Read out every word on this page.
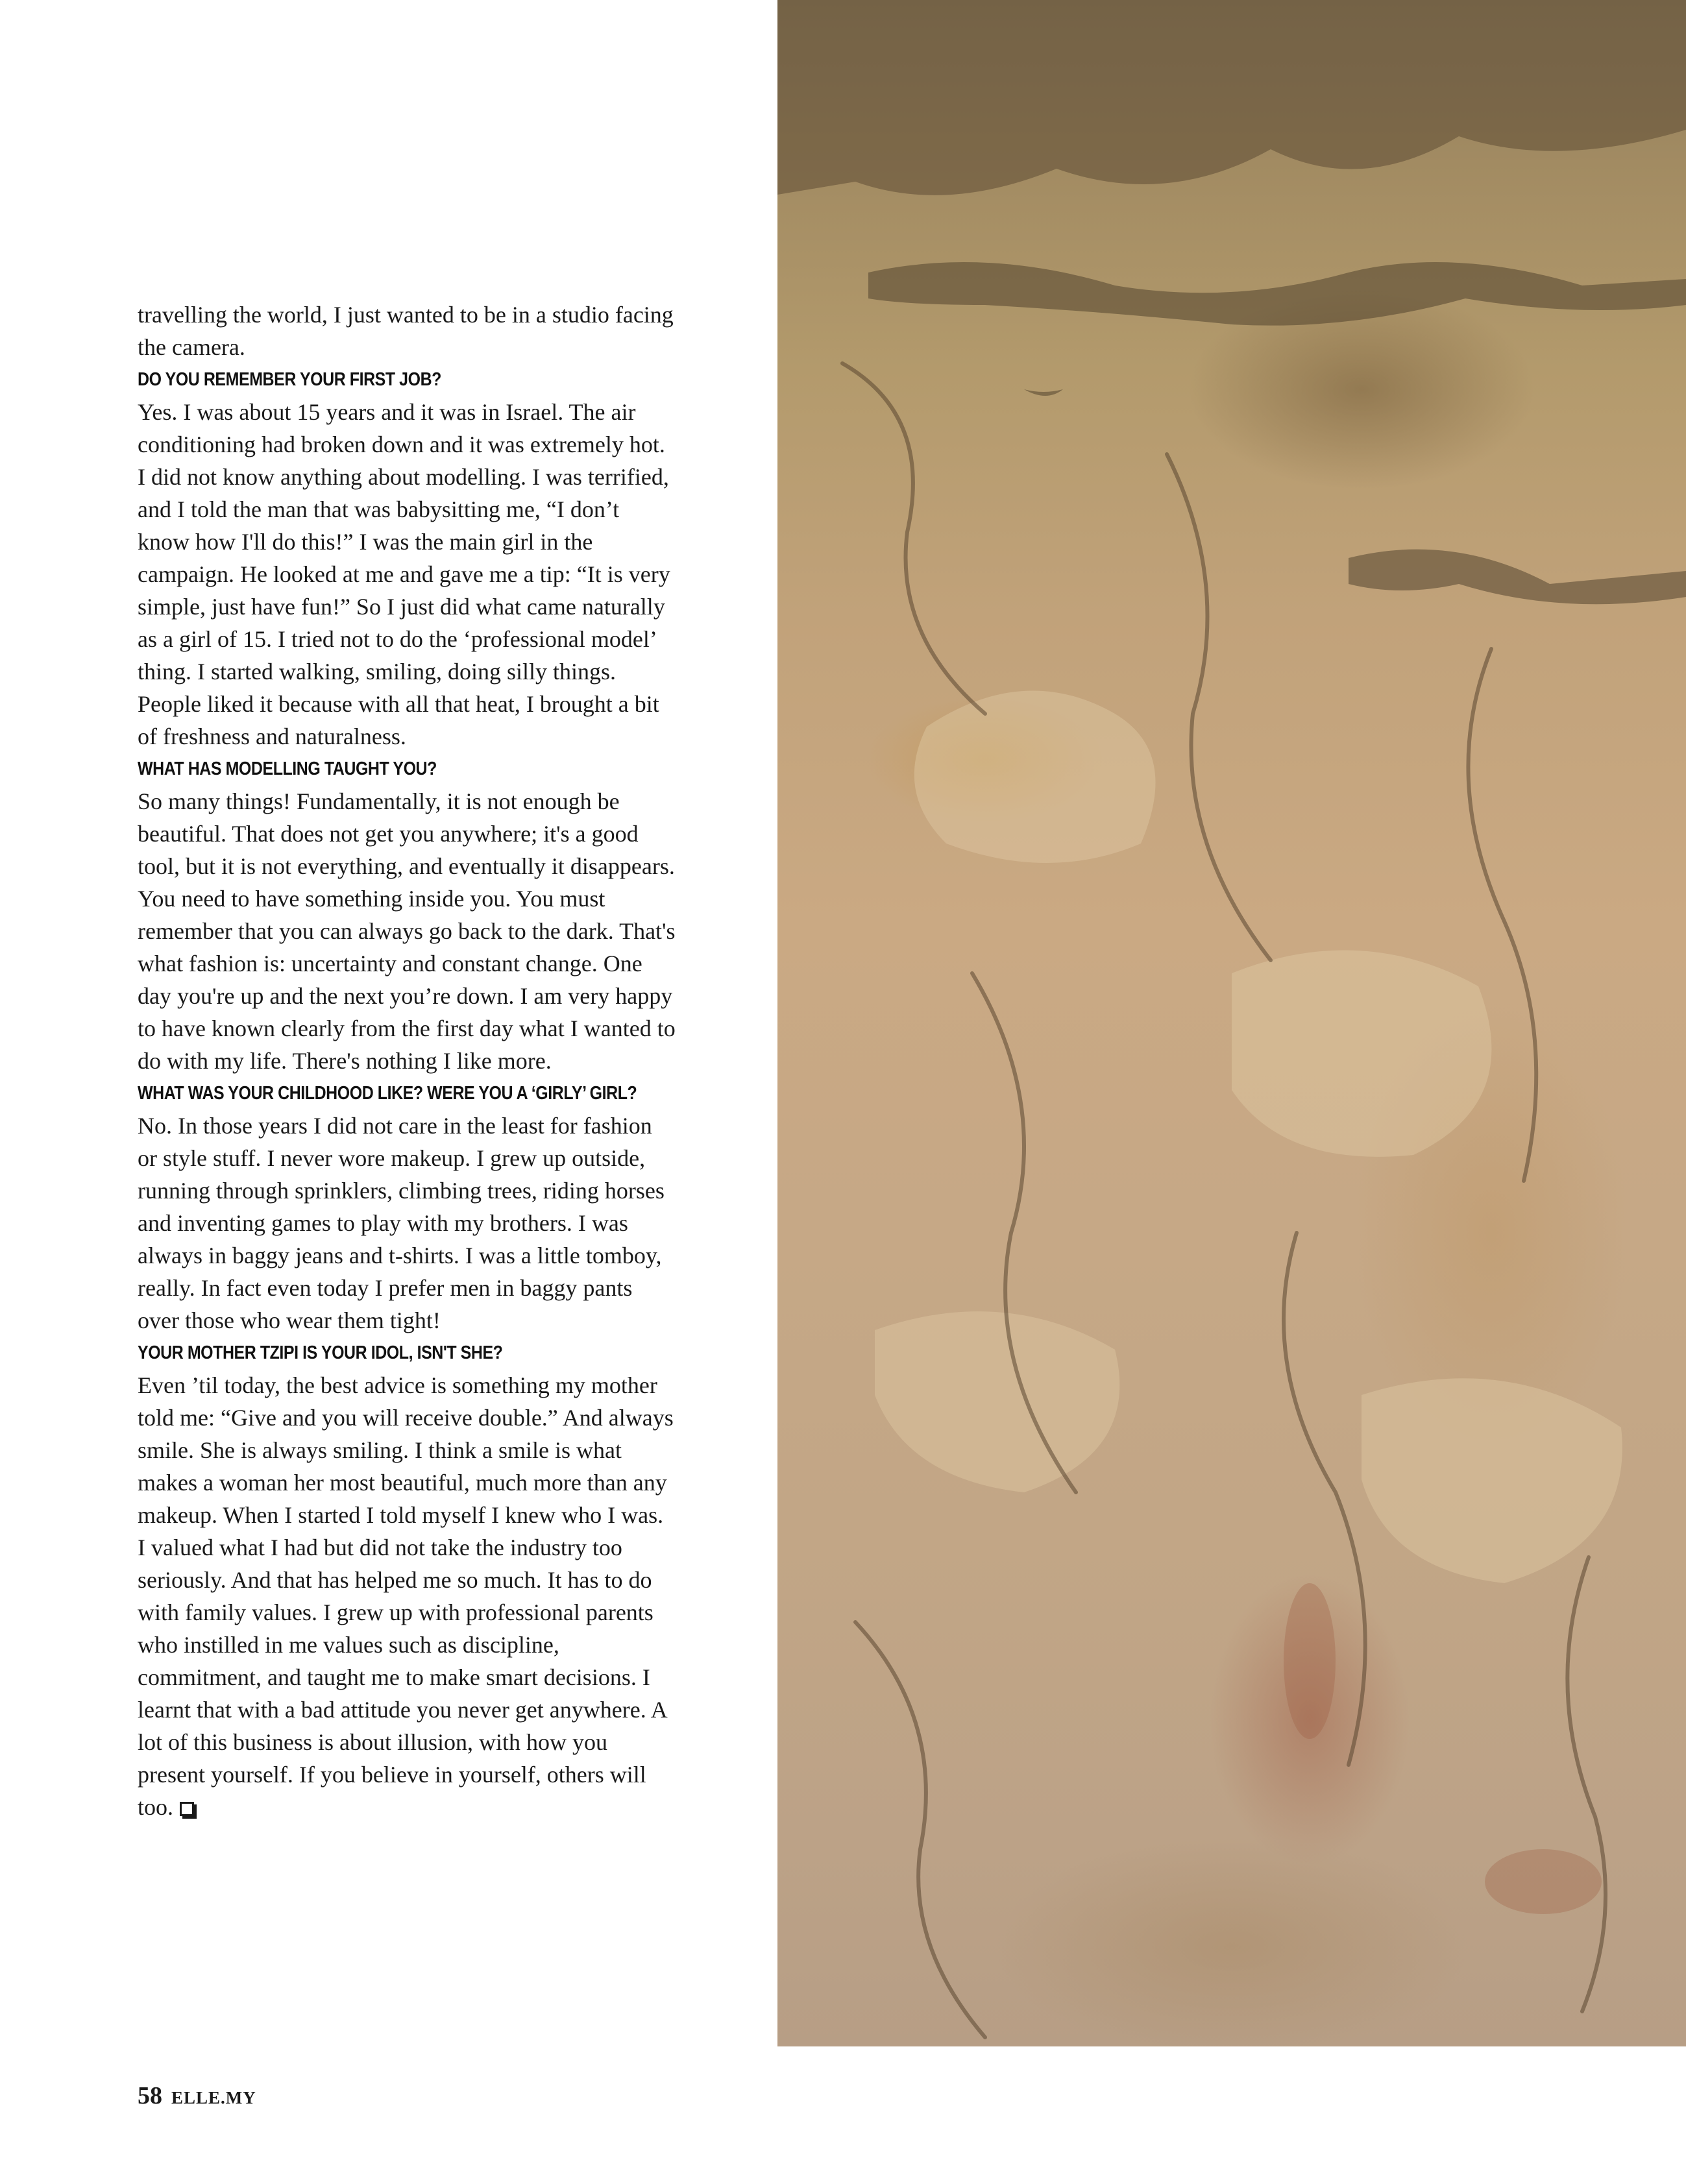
travelling the world, I just wanted to be in a studio facing the camera.

DO YOU REMEMBER YOUR FIRST JOB?

Yes. I was about 15 years and it was in Israel. The air conditioning had broken down and it was extremely hot. I did not know anything about modelling. I was terrified, and I told the man that was babysitting me, “I don’t know how I'll do this!” I was the main girl in the campaign. He looked at me and gave me a tip: “It is very simple, just have fun!” So I just did what came naturally as a girl of 15. I tried not to do the ‘professional model’ thing. I started walking, smiling, doing silly things. People liked it because with all that heat, I brought a bit of freshness and naturalness.

WHAT HAS MODELLING TAUGHT YOU?

So many things! Fundamentally, it is not enough be beautiful. That does not get you anywhere; it's a good tool, but it is not everything, and eventually it disappears. You need to have something inside you. You must remember that you can always go back to the dark. That's what fashion is: uncertainty and constant change. One day you're up and the next you’re down. I am very happy to have known clearly from the first day what I wanted to do with my life. There's nothing I like more.

WHAT WAS YOUR CHILDHOOD LIKE? WERE YOU A ‘GIRLY’ GIRL?

No. In those years I did not care in the least for fashion or style stuff. I never wore makeup. I grew up outside, running through sprinklers, climbing trees, riding horses and inventing games to play with my brothers. I was always in baggy jeans and t-shirts. I was a little tomboy, really. In fact even today I prefer men in baggy pants over those who wear them tight!

YOUR MOTHER TZIPI IS YOUR IDOL, ISN'T SHE?

Even ’til today, the best advice is something my mother told me: “Give and you will receive double.” And always smile. She is always smiling. I think a smile is what makes a woman her most beautiful, much more than any makeup. When I started I told myself I knew who I was. I valued what I had but did not take the industry too seriously. And that has helped me so much. It has to do with family values. I grew up with professional parents who instilled in me values such as discipline, commitment, and taught me to make smart decisions. I learnt that with a bad attitude you never get anywhere. A lot of this business is about illusion, with how you present yourself. If you believe in yourself, others will too.

58 ELLE.MY
